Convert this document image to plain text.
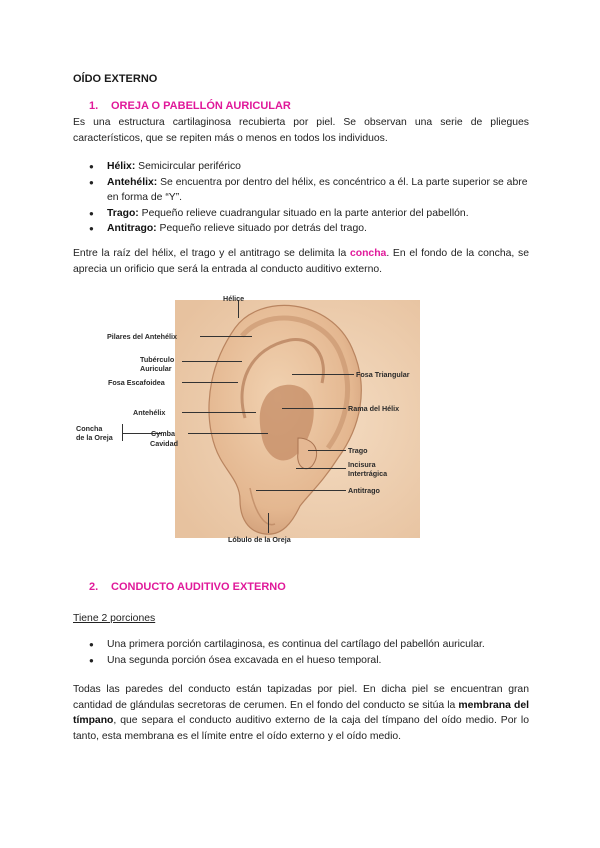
OÍDO EXTERNO

1. OREJA O PABELLÓN AURICULAR

Es una estructura cartilaginosa recubierta por piel. Se observan una serie de pliegues característicos, que se repiten más o menos en todos los individuos.

● Hélix: Semicircular periférico
● Antehélix: Se encuentra por dentro del hélix, es concéntrico a él. La parte superior se abre en forma de “Y”.
● Trago: Pequeño relieve cuadrangular situado en la parte anterior del pabellón.
● Antitrago: Pequeño relieve situado por detrás del trago.

Entre la raíz del hélix, el trago y el antitrago se delimita la concha. En el fondo de la concha, se aprecia un orificio que será la entrada al conducto auditivo externo.

Hélice
Pilares del Antehélix
Tubérculo
Auricular
Fosa Escafoidea
Antehélix
Concha
de la Oreja	Cymba
Cavidad
Fosa Triangular
Rama del Hélix
Trago
Incisura
Intertrágica
Antitrago
Lóbulo de la Oreja

2. CONDUCTO AUDITIVO EXTERNO

Tiene 2 porciones

● Una primera porción cartilaginosa, es continua del cartílago del pabellón auricular.
● Una segunda porción ósea excavada en el hueso temporal.

Todas las paredes del conducto están tapizadas por piel. En dicha piel se encuentran gran cantidad de glándulas secretoras de cerumen. En el fondo del conducto se sitúa la membrana del tímpano, que separa el conducto auditivo externo de la caja del tímpano del oído medio. Por lo tanto, esta membrana es el límite entre el oído externo y el oído medio.
